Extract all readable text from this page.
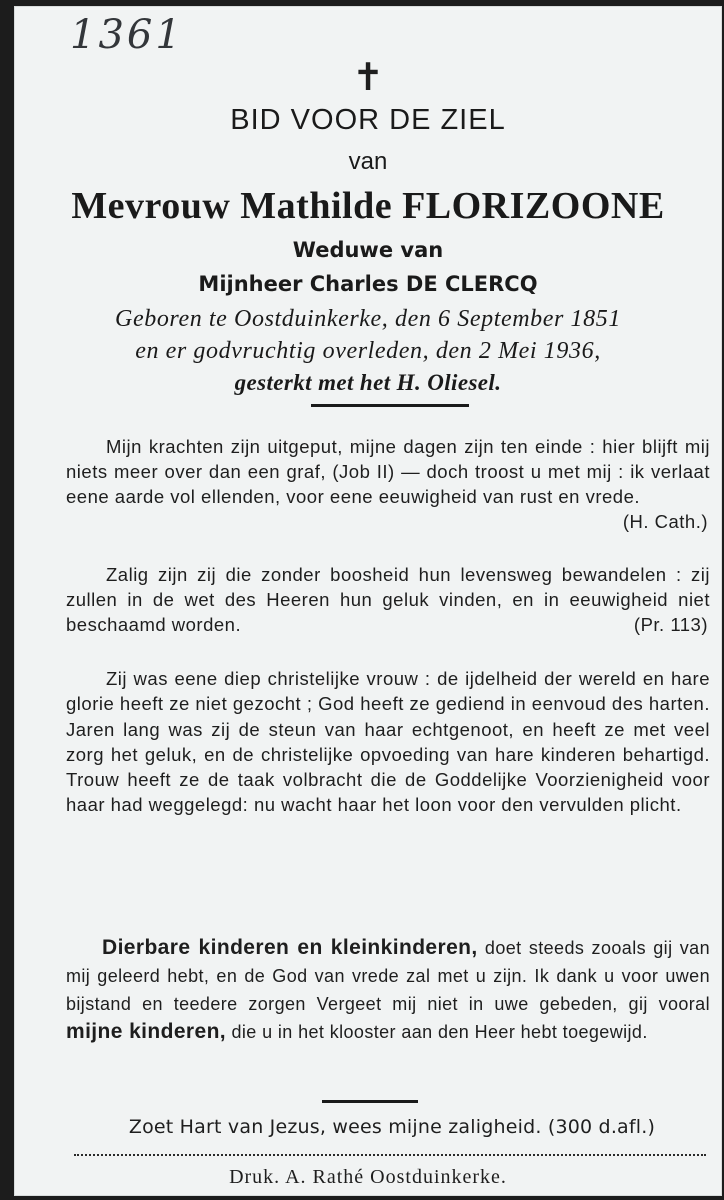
1361
✝
BID VOOR DE ZIEL
van
Mevrouw Mathilde FLORIZOONE
Weduwe van
Mijnheer Charles DE CLERCQ
Geboren te Oostduinkerke, den 6 September 1851
en er godvruchtig overleden, den 2 Mei 1936,
gesterkt met het H. Oliesel.
Mijn krachten zijn uitgeput, mijne dagen zijn ten einde : hier blijft mij niets meer over dan een graf, (Job II) — doch troost u met mij : ik verlaat eene aarde vol ellenden, voor eene eeuwigheid van rust en vrede.
(H. Cath.)
Zalig zijn zij die zonder boosheid hun levensweg bewandelen : zij zullen in de wet des Heeren hun geluk vinden, en in eeuwigheid niet beschaamd worden.	(Pr. 113)
Zij was eene diep christelijke vrouw : de ijdelheid der wereld en hare glorie heeft ze niet gezocht ; God heeft ze gediend in eenvoud des harten. Jaren lang was zij de steun van haar echtgenoot, en heeft ze met veel zorg het geluk, en de christelijke opvoeding van hare kinderen behartigd. Trouw heeft ze de taak volbracht die de Goddelijke Voorzienigheid voor haar had weggelegd: nu wacht haar het loon voor den vervulden plicht.
Dierbare kinderen en kleinkinderen, doet steeds zooals gij van mij geleerd hebt, en de God van vrede zal met u zijn. Ik dank u voor uwen bijstand en teedere zorgen Vergeet mij niet in uwe gebeden, gij vooral mijne kinderen, die u in het klooster aan den Heer hebt toegewijd.
Zoet Hart van Jezus, wees mijne zaligheid. (300 d.afl.)
Druk. A. Rathé Oostduinkerke.
